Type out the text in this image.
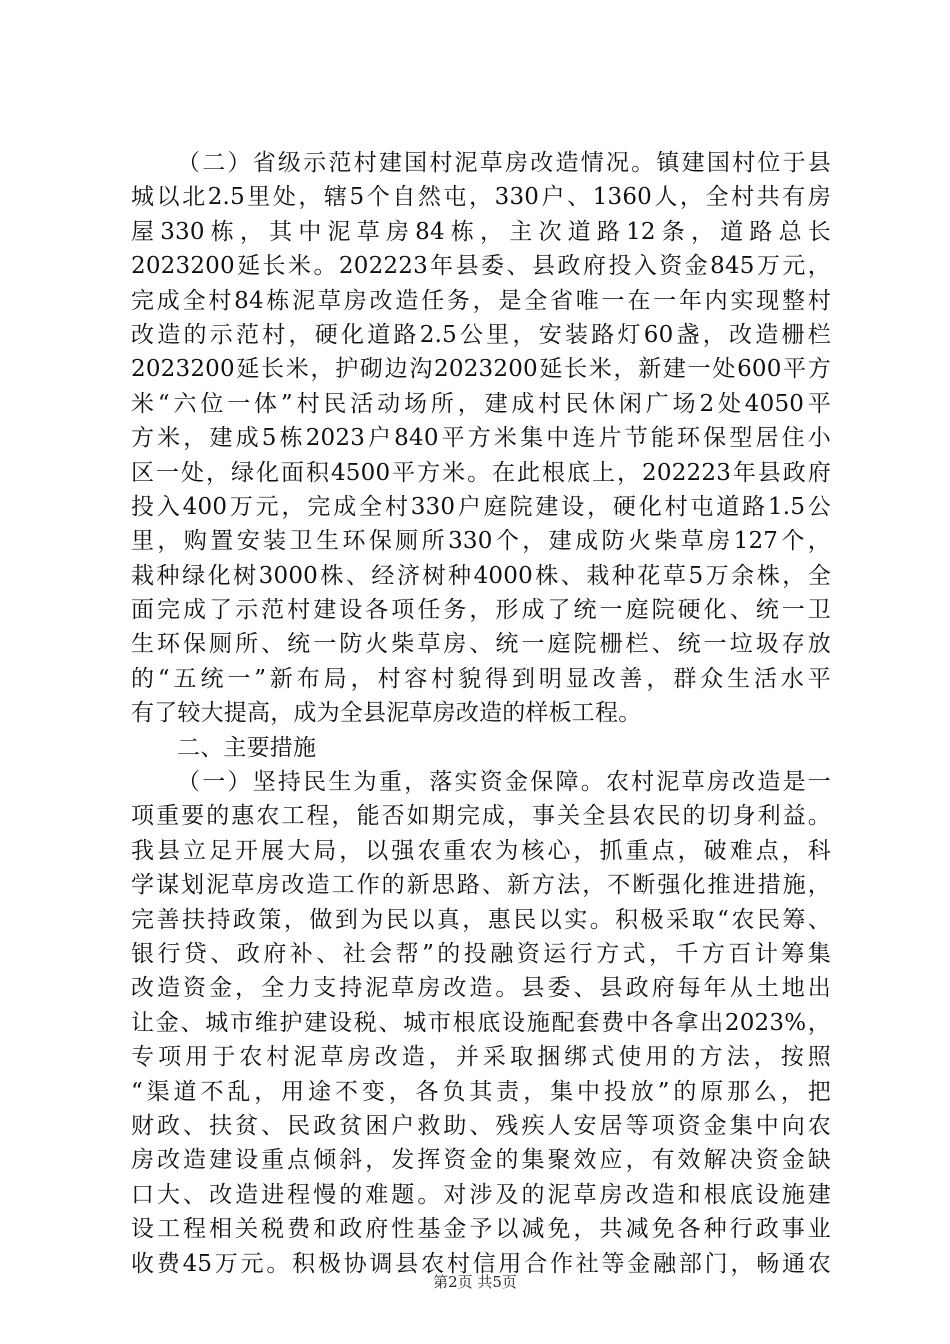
（二）省级示范村建国村泥草房改造情况。镇建国村位于县
城以北2.5里处，辖5个自然屯，330户、1360人，全村共有房
屋330栋，其中泥草房84栋，主次道路12条，道路总长
2023200延长米。202223年县委、县政府投入资金845万元，
完成全村84栋泥草房改造任务，是全省唯一在一年内实现整村
改造的示范村，硬化道路2.5公里，安装路灯60盏，改造栅栏
2023200延长米，护砌边沟2023200延长米，新建一处600平方
米“六位一体”村民活动场所，建成村民休闲广场2处4050平
方米，建成5栋2023户840平方米集中连片节能环保型居住小
区一处，绿化面积4500平方米。在此根底上，202223年县政府
投入400万元，完成全村330户庭院建设，硬化村屯道路1.5公
里，购置安装卫生环保厕所330个，建成防火柴草房127个，
栽种绿化树3000株、经济树种4000株、栽种花草5万余株，全
面完成了示范村建设各项任务，形成了统一庭院硬化、统一卫
生环保厕所、统一防火柴草房、统一庭院栅栏、统一垃圾存放
的“五统一”新布局，村容村貌得到明显改善，群众生活水平
有了较大提高，成为全县泥草房改造的样板工程。
二、主要措施
（一）坚持民生为重，落实资金保障。农村泥草房改造是一
项重要的惠农工程，能否如期完成，事关全县农民的切身利益。
我县立足开展大局，以强农重农为核心，抓重点，破难点，科
学谋划泥草房改造工作的新思路、新方法，不断强化推进措施，
完善扶持政策，做到为民以真，惠民以实。积极采取“农民筹、
银行贷、政府补、社会帮”的投融资运行方式，千方百计筹集
改造资金，全力支持泥草房改造。县委、县政府每年从土地出
让金、城市维护建设税、城市根底设施配套费中各拿出2023%，
专项用于农村泥草房改造，并采取捆绑式使用的方法，按照
“渠道不乱，用途不变，各负其责，集中投放”的原那么，把
财政、扶贫、民政贫困户救助、残疾人安居等项资金集中向农
房改造建设重点倾斜，发挥资金的集聚效应，有效解决资金缺
口大、改造进程慢的难题。对涉及的泥草房改造和根底设施建
设工程相关税费和政府性基金予以减免，共减免各种行政事业
收费45万元。积极协调县农村信用合作社等金融部门，畅通农
第2页 共5页
